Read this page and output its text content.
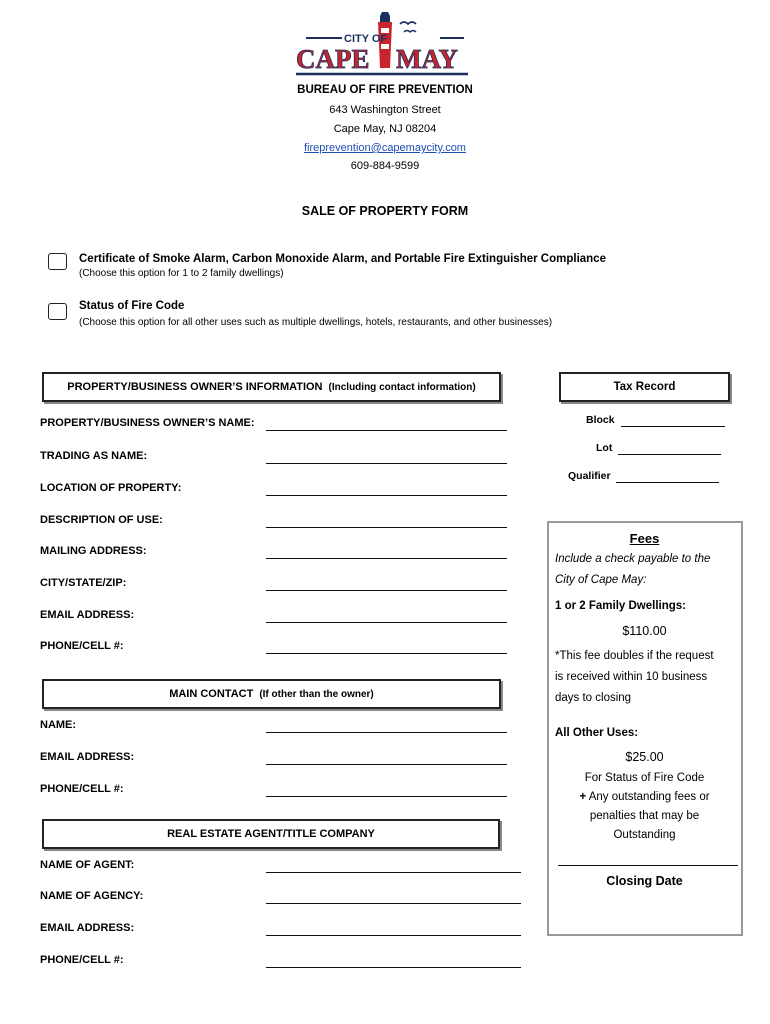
CITY OF
CAPE MAY
BUREAU OF FIRE PREVENTION
643 Washington Street
Cape May, NJ 08204
fireprevention@capemaycity.com
609-884-9599
SALE OF PROPERTY FORM
Certificate of Smoke Alarm, Carbon Monoxide Alarm, and Portable Fire Extinguisher Compliance
(Choose this option for 1 to 2 family dwellings)
Status of Fire Code
(Choose this option for all other uses such as multiple dwellings, hotels, restaurants, and other businesses)
PROPERTY/BUSINESS OWNER’S INFORMATION (Including contact information)
PROPERTY/BUSINESS OWNER’S NAME:
TRADING AS NAME:
LOCATION OF PROPERTY:
DESCRIPTION OF USE:
MAILING ADDRESS:
CITY/STATE/ZIP:
EMAIL ADDRESS:
PHONE/CELL #:
MAIN CONTACT (If other than the owner)
NAME:
EMAIL ADDRESS:
PHONE/CELL #:
REAL ESTATE AGENT/TITLE COMPANY
NAME OF AGENT:
NAME OF AGENCY:
EMAIL ADDRESS:
PHONE/CELL #:
Tax Record
Block
Lot
Qualifier
Fees
Include a check payable to the
City of Cape May:
1 or 2 Family Dwellings:
$110.00
*This fee doubles if the request
is received within 10 business
days to closing
All Other Uses:
$25.00
For Status of Fire Code
+ Any outstanding fees or
penalties that may be
Outstanding
Closing Date
